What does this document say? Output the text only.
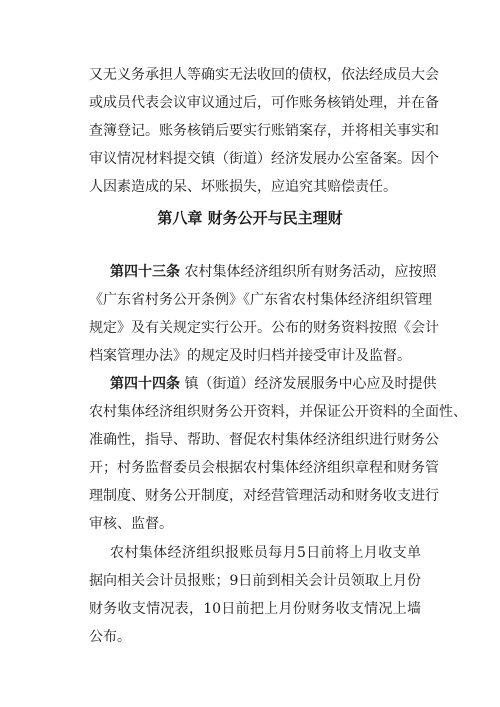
又无义务承担人等确实无法收回的债权，依法经成员大会
或成员代表会议审议通过后，可作账务核销处理，并在备
查簿登记。账务核销后要实行账销案存，并将相关事实和
审议情况材料提交镇（街道）经济发展办公室备案。因个
人因素造成的呆、坏账损失，应追究其赔偿责任。
第八章 财务公开与民主理财
第四十三条 农村集体经济组织所有财务活动，应按照
《广东省村务公开条例》《广东省农村集体经济组织管理
规定》及有关规定实行公开。公布的财务资料按照《会计
档案管理办法》的规定及时归档并接受审计及监督。
第四十四条 镇（街道）经济发展服务中心应及时提供
农村集体经济组织财务公开资料，并保证公开资料的全面性、
准确性，指导、帮助、督促农村集体经济组织进行财务公
开；村务监督委员会根据农村集体经济组织章程和财务管
理制度、财务公开制度，对经营管理活动和财务收支进行
审核、监督。
农村集体经济组织报账员每月5日前将上月收支单
据向相关会计员报账；9日前到相关会计员领取上月份
财务收支情况表，10日前把上月份财务收支情况上墙
公布。
